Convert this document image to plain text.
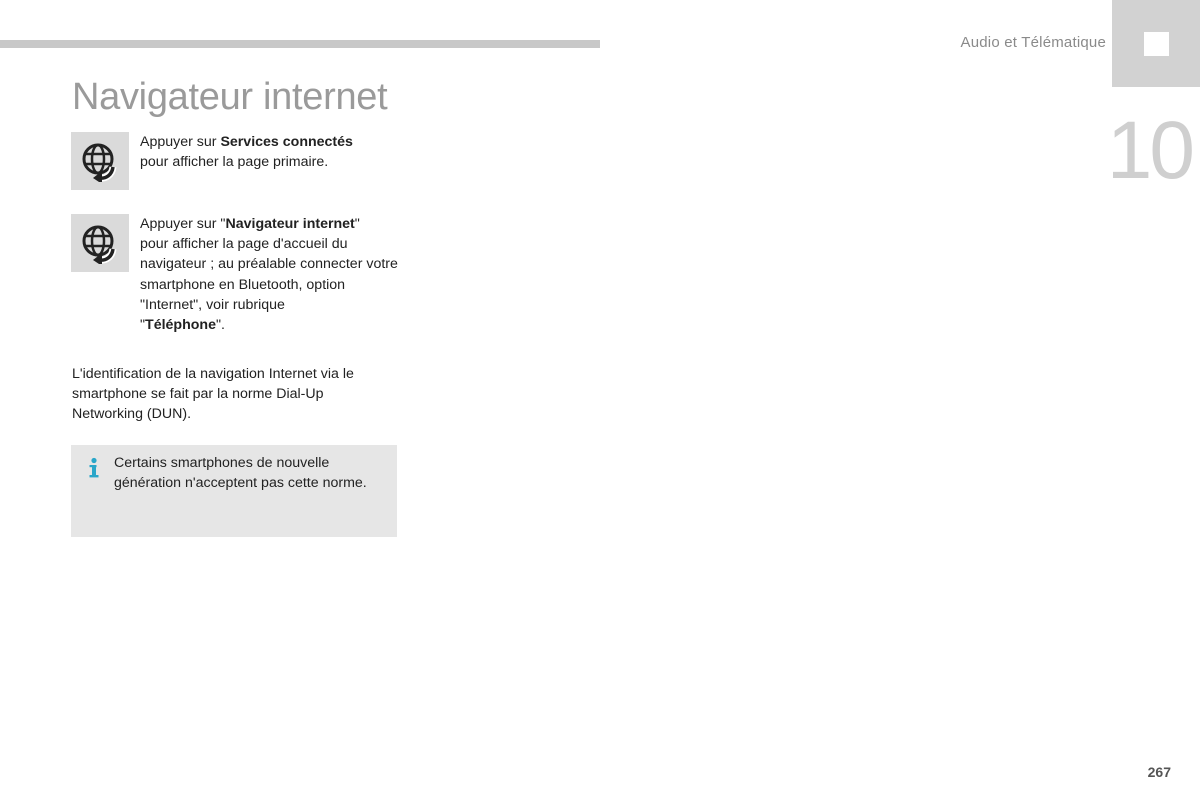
Audio et Télématique
10
Navigateur internet
Appuyer sur Services connectés
pour afficher la page primaire.
Appuyer sur "Navigateur internet"
pour afficher la page d'accueil du navigateur ; au préalable connecter votre smartphone en Bluetooth, option "Internet", voir rubrique
"Téléphone".

L'identification de la navigation Internet via le smartphone se fait par la norme Dial-Up Networking (DUN).

Certains smartphones de nouvelle génération n'acceptent pas cette norme.
267
